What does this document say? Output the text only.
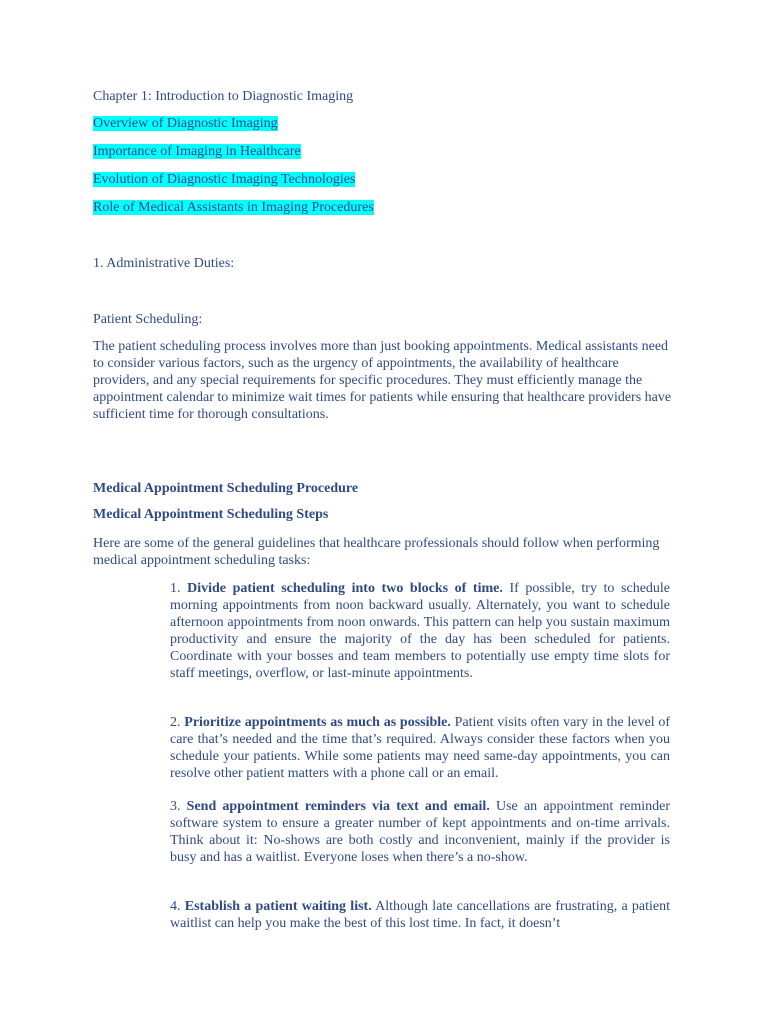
Chapter 1: Introduction to Diagnostic Imaging

Overview of Diagnostic Imaging

Importance of Imaging in Healthcare

Evolution of Diagnostic Imaging Technologies

Role of Medical Assistants in Imaging Procedures

1. Administrative Duties:

Patient Scheduling:

The patient scheduling process involves more than just booking appointments. Medical assistants need to consider various factors, such as the urgency of appointments, the availability of healthcare providers, and any special requirements for specific procedures. They must efficiently manage the appointment calendar to minimize wait times for patients while ensuring that healthcare providers have sufficient time for thorough consultations.

Medical Appointment Scheduling Procedure

Medical Appointment Scheduling Steps

Here are some of the general guidelines that healthcare professionals should follow when performing medical appointment scheduling tasks:

1. Divide patient scheduling into two blocks of time. If possible, try to schedule morning appointments from noon backward usually. Alternately, you want to schedule afternoon appointments from noon onwards. This pattern can help you sustain maximum productivity and ensure the majority of the day has been scheduled for patients. Coordinate with your bosses and team members to potentially use empty time slots for staff meetings, overflow, or last-minute appointments.

2. Prioritize appointments as much as possible. Patient visits often vary in the level of care that’s needed and the time that’s required. Always consider these factors when you schedule your patients. While some patients may need same-day appointments, you can resolve other patient matters with a phone call or an email.

3. Send appointment reminders via text and email. Use an appointment reminder software system to ensure a greater number of kept appointments and on-time arrivals. Think about it: No-shows are both costly and inconvenient, mainly if the provider is busy and has a waitlist. Everyone loses when there’s a no-show.

4. Establish a patient waiting list. Although late cancellations are frustrating, a patient waitlist can help you make the best of this lost time. In fact, it doesn’t
